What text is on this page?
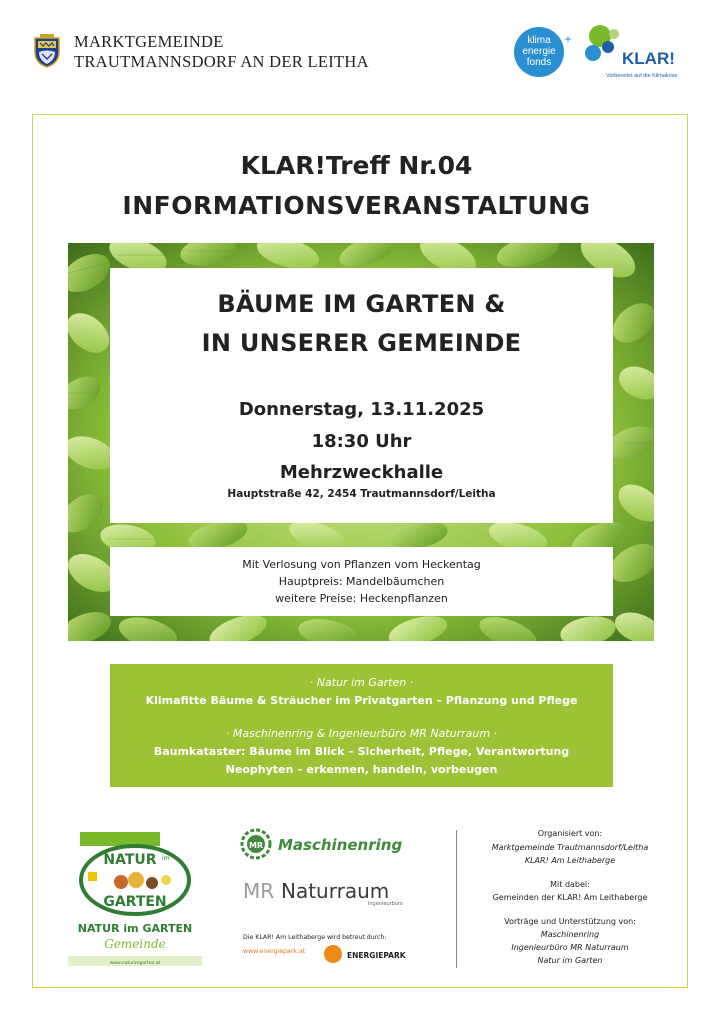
MARKTGEMEINDE
TRAUTMANNSDORF AN DER LEITHA
klima
energie
fonds
+
KLAR!
Vorbereitet auf die Klimakrise
KLAR!Treff Nr.04
INFORMATIONSVERANSTALTUNG
BÄUME IM GARTEN &
IN UNSERER GEMEINDE
Donnerstag, 13.11.2025
18:30 Uhr
Mehrzweckhalle
Hauptstraße 42, 2454 Trautmannsdorf/Leitha
Mit Verlosung von Pflanzen vom Heckentag
Hauptpreis: Mandelbäumchen
weitere Preise: Heckenpflanzen
· Natur im Garten ·
Klimafitte Bäume & Sträucher im Privatgarten – Pflanzung und Pflege
· Maschinenring & Ingenieurbüro MR Naturraum ·
Baumkataster: Bäume im Blick – Sicherheit, Pflege, Verantwortung
Neophyten – erkennen, handeln, vorbeugen
NATUR im
GARTEN
NATUR im GARTEN
Gemeinde
www.naturimgarten.at
MR Maschinenring
MR Naturraum
Ingenieurbüro
Die KLAR! Am Leithaberge wird betreut durch:
www.energiepark.at	ENERGIEPARK
Organisiert von:
Marktgemeinde Trautmannsdorf/Leitha
KLAR! Am Leithaberge
Mit dabei:
Gemeinden der KLAR! Am Leithaberge
Vorträge und Unterstützung von:
Maschinenring
Ingenieurbüro MR Naturraum
Natur im Garten
